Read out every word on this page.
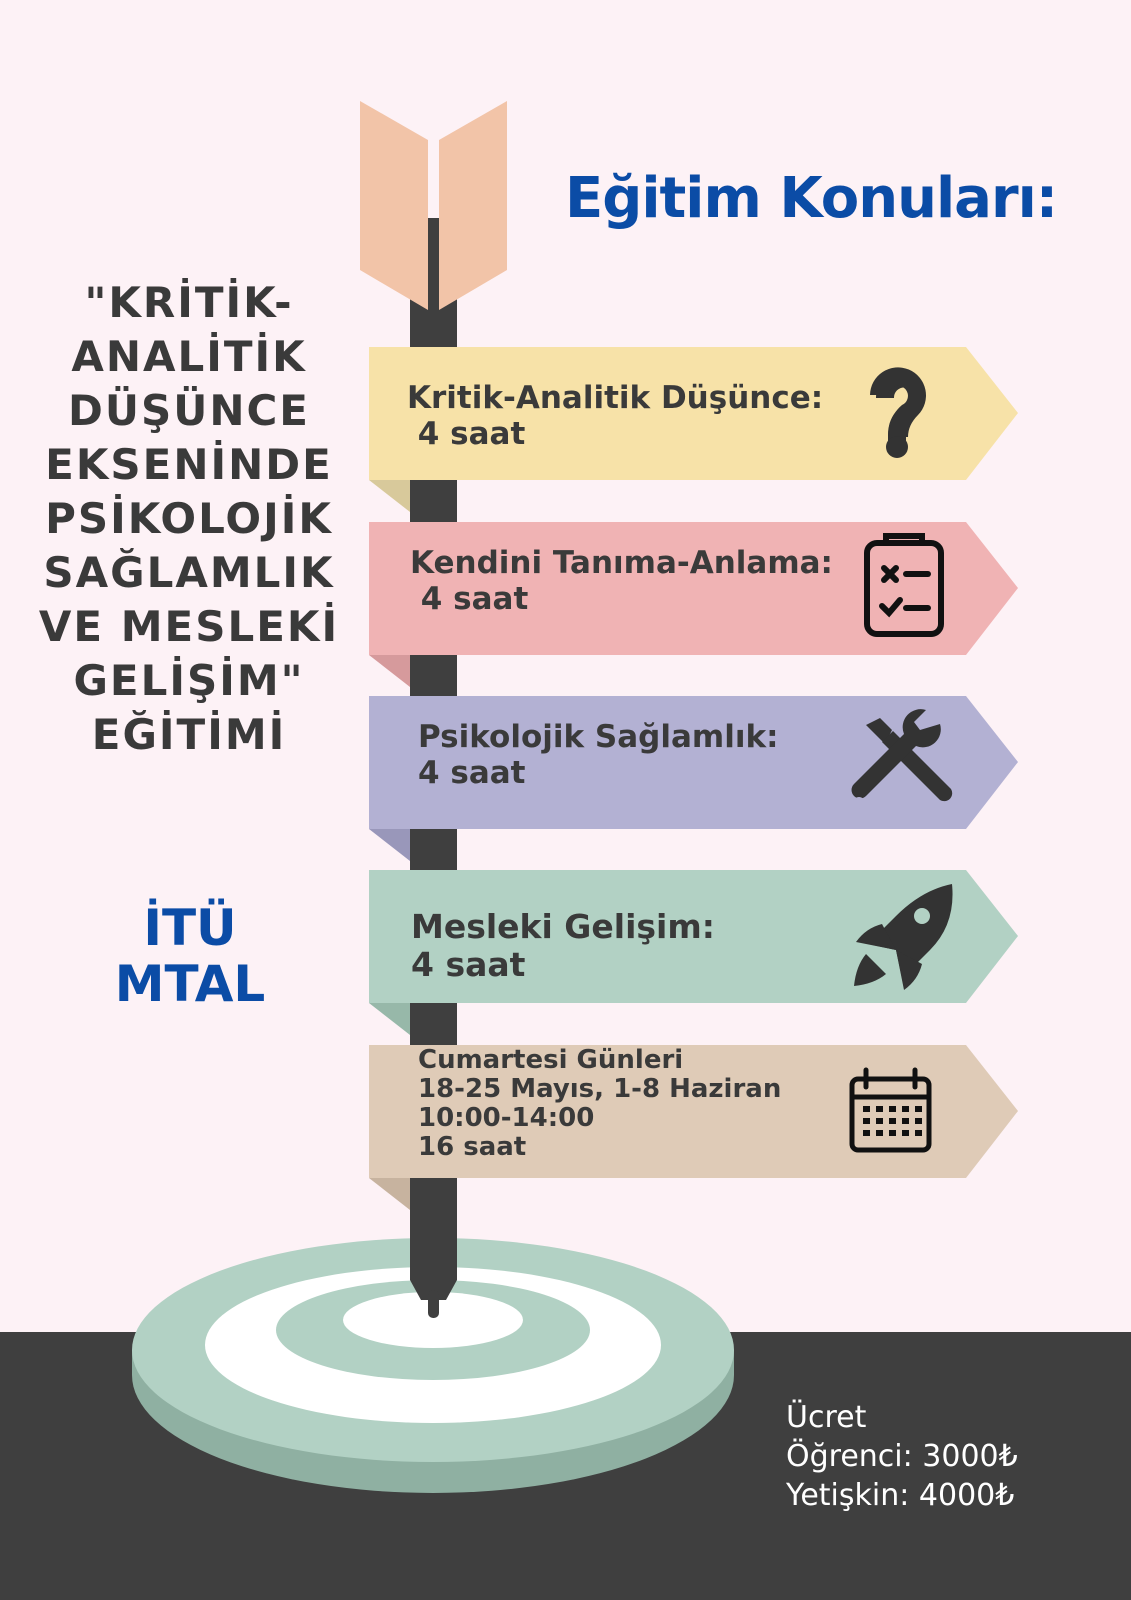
Eğitim Konuları:
"KRİTİK-
ANALİTİK
DÜŞÜNCE
EKSENİNDE
PSİKOLOJİK
SAĞLAMLIK
VE MESLEKİ
GELİŞİM"
EĞİTİMİ
İTÜ
MTAL
Kritik-Analitik Düşünce:
4 saat
Kendini Tanıma-Anlama:
4 saat
Psikolojik Sağlamlık:
4 saat
Mesleki Gelişim:
4 saat
Cumartesi Günleri
18-25 Mayıs, 1-8 Haziran
10:00-14:00
16 saat
Ücret
Öğrenci: 3000₺
Yetişkin: 4000₺
